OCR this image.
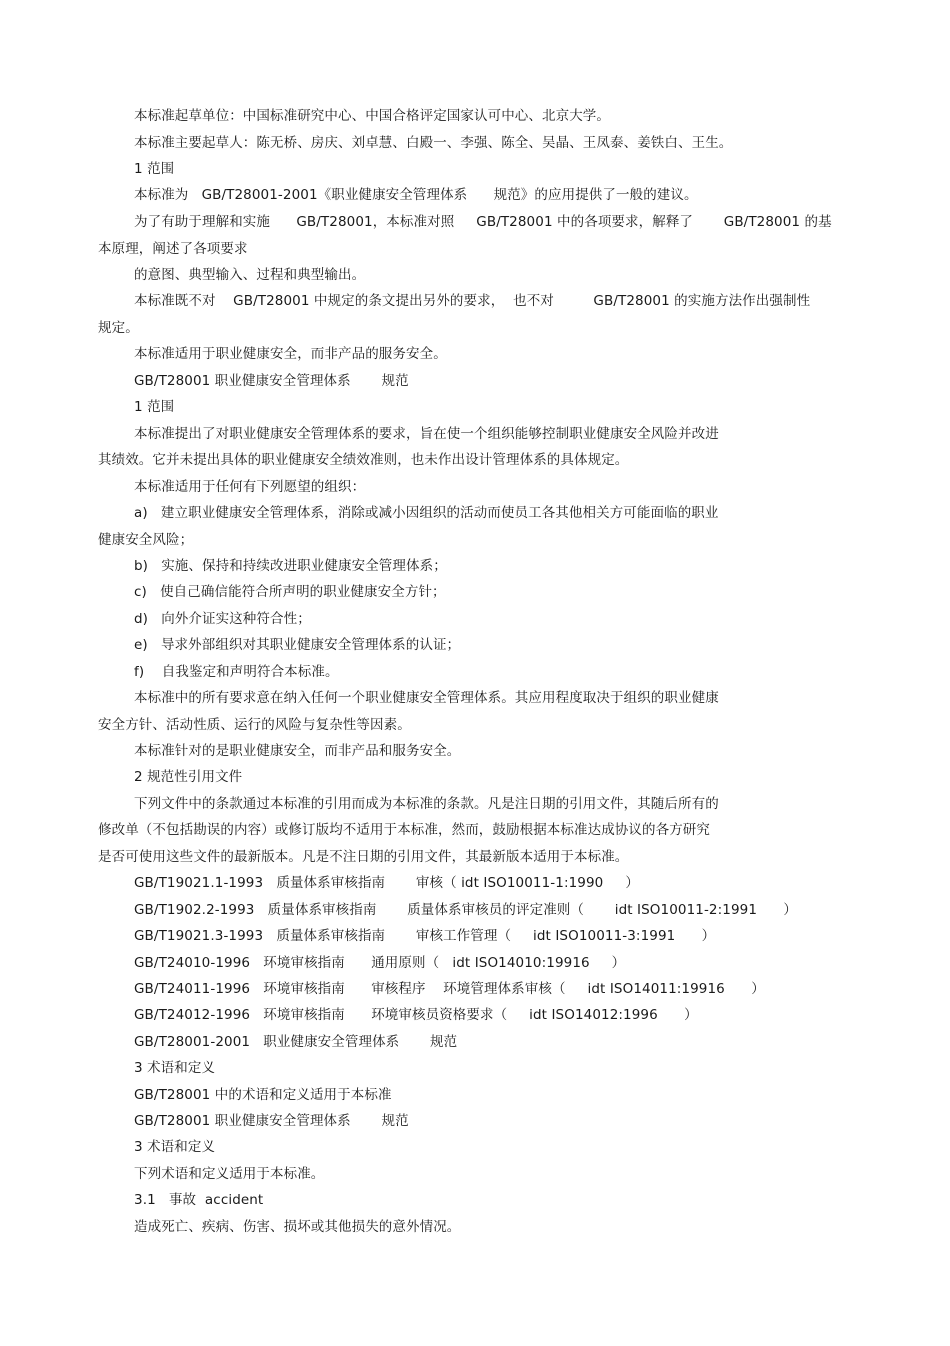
本标准起草单位：中国标准研究中心、中国合格评定国家认可中心、北京大学。
本标准主要起草人：陈无桥、房庆、刘卓慧、白殿一、李强、陈全、吴晶、王凤泰、姜铁白、王生。
1 范围
本标准为   GB/T28001-2001《职业健康安全管理体系      规范》的应用提供了一般的建议。
为了有助于理解和实施      GB/T28001，本标准对照     GB/T28001 中的各项要求，解释了       GB/T28001 的基
本原理，阐述了各项要求
的意图、典型输入、过程和典型输出。
本标准既不对    GB/T28001 中规定的条文提出另外的要求，  也不对         GB/T28001 的实施方法作出强制性
规定。
本标准适用于职业健康安全，而非产品的服务安全。
GB/T28001 职业健康安全管理体系       规范
1 范围
本标准提出了对职业健康安全管理体系的要求，旨在使一个组织能够控制职业健康安全风险并改进
其绩效。它并未提出具体的职业健康安全绩效准则，也未作出设计管理体系的具体规定。
本标准适用于任何有下列愿望的组织：
a)   建立职业健康安全管理体系，消除或减小因组织的活动而使员工各其他相关方可能面临的职业
健康安全风险；
b)   实施、保持和持续改进职业健康安全管理体系；
c)   使自己确信能符合所声明的职业健康安全方针；
d)   向外介证实这种符合性；
e)   导求外部组织对其职业健康安全管理体系的认证；
f)    自我鉴定和声明符合本标准。
本标准中的所有要求意在纳入任何一个职业健康安全管理体系。其应用程度取决于组织的职业健康
安全方针、活动性质、运行的风险与复杂性等因素。
本标准针对的是职业健康安全，而非产品和服务安全。
2 规范性引用文件
下列文件中的条款通过本标准的引用而成为本标准的条款。凡是注日期的引用文件，其随后所有的
修改单（不包括勘误的内容）或修订版均不适用于本标准，然而，鼓励根据本标准达成协议的各方研究
是否可使用这些文件的最新版本。凡是不注日期的引用文件，其最新版本适用于本标准。
GB/T19021.1-1993   质量体系审核指南       审核（ idt ISO10011-1:1990     ）
GB/T1902.2-1993   质量体系审核指南       质量体系审核员的评定准则（       idt ISO10011-2:1991      ）
GB/T19021.3-1993   质量体系审核指南       审核工作管理（     idt ISO10011-3:1991      ）
GB/T24010-1996   环境审核指南      通用原则（   idt ISO14010:19916     ）
GB/T24011-1996   环境审核指南      审核程序    环境管理体系审核（     idt ISO14011:19916      ）
GB/T24012-1996   环境审核指南      环境审核员资格要求（     idt ISO14012:1996      ）
GB/T28001-2001   职业健康安全管理体系       规范
3 术语和定义
GB/T28001 中的术语和定义适用于本标准
GB/T28001 职业健康安全管理体系       规范
3 术语和定义
下列术语和定义适用于本标准。
3.1   事故  accident
造成死亡、疾病、伤害、损坏或其他损失的意外情况。
